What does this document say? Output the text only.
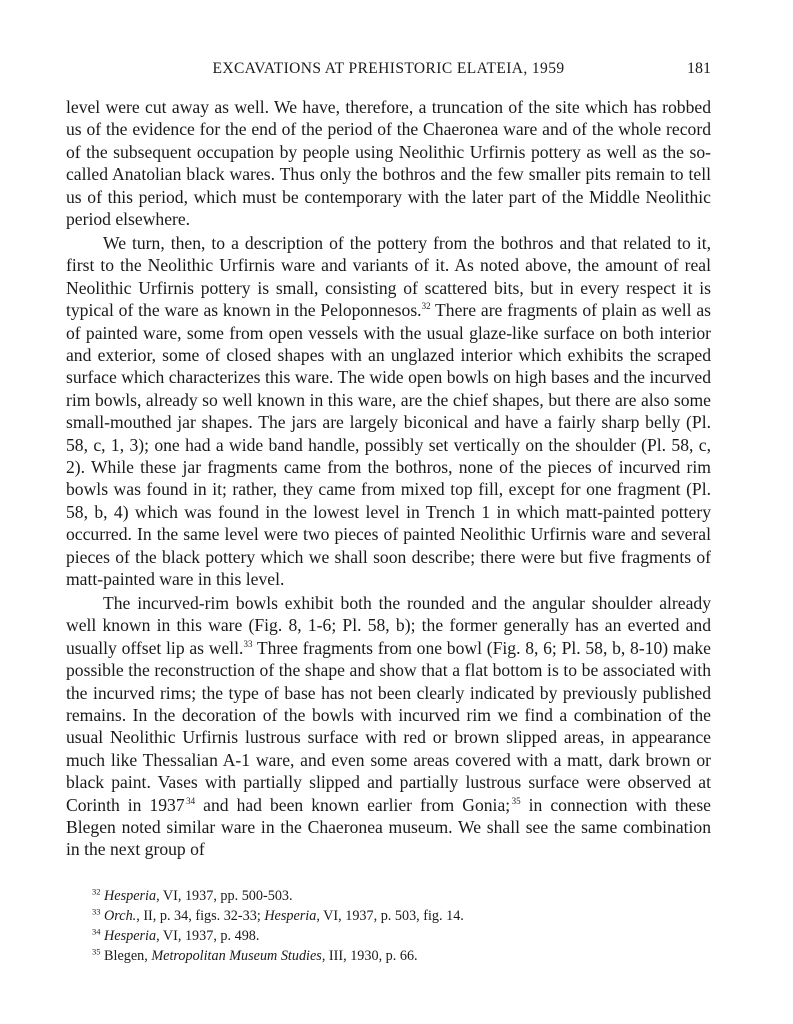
EXCAVATIONS AT PREHISTORIC ELATEIA, 1959	181

level were cut away as well. We have, therefore, a truncation of the site which has robbed us of the evidence for the end of the period of the Chaeronea ware and of the whole record of the subsequent occupation by people using Neolithic Urfirnis pottery as well as the so-called Anatolian black wares. Thus only the bothros and the few smaller pits remain to tell us of this period, which must be contemporary with the later part of the Middle Neolithic period elsewhere.

We turn, then, to a description of the pottery from the bothros and that related to it, first to the Neolithic Urfirnis ware and variants of it. As noted above, the amount of real Neolithic Urfirnis pottery is small, consisting of scattered bits, but in every respect it is typical of the ware as known in the Peloponnesos.$^{32}$ There are fragments of plain as well as of painted ware, some from open vessels with the usual glaze-like surface on both interior and exterior, some of closed shapes with an unglazed interior which exhibits the scraped surface which characterizes this ware. The wide open bowls on high bases and the incurved rim bowls, already so well known in this ware, are the chief shapes, but there are also some small-mouthed jar shapes. The jars are largely biconical and have a fairly sharp belly (Pl. 58, c, 1, 3); one had a wide band handle, possibly set vertically on the shoulder (Pl. 58, c, 2). While these jar fragments came from the bothros, none of the pieces of incurved rim bowls was found in it; rather, they came from mixed top fill, except for one fragment (Pl. 58, b, 4) which was found in the lowest level in Trench 1 in which matt-painted pottery occurred. In the same level were two pieces of painted Neolithic Urfirnis ware and several pieces of the black pottery which we shall soon describe; there were but five fragments of matt-painted ware in this level.

The incurved-rim bowls exhibit both the rounded and the angular shoulder already well known in this ware (Fig. 8, 1-6; Pl. 58, b); the former generally has an everted and usually offset lip as well.$^{33}$ Three fragments from one bowl (Fig. 8, 6; Pl. 58, b, 8-10) make possible the reconstruction of the shape and show that a flat bottom is to be associated with the incurved rims; the type of base has not been clearly indicated by previously published remains. In the decoration of the bowls with incurved rim we find a combination of the usual Neolithic Urfirnis lustrous surface with red or brown slipped areas, in appearance much like Thessalian A-1 ware, and even some areas covered with a matt, dark brown or black paint. Vases with partially slipped and partially lustrous surface were observed at Corinth in 1937 $^{34}$ and had been known earlier from Gonia; $^{35}$ in connection with these Blegen noted similar ware in the Chaeronea museum. We shall see the same combination in the next group of

$^{32}$ Hesperia, VI, 1937, pp. 500-503.
$^{33}$ Orch., II, p. 34, figs. 32-33; Hesperia, VI, 1937, p. 503, fig. 14.
$^{34}$ Hesperia, VI, 1937, p. 498.
$^{35}$ Blegen, Metropolitan Museum Studies, III, 1930, p. 66.
